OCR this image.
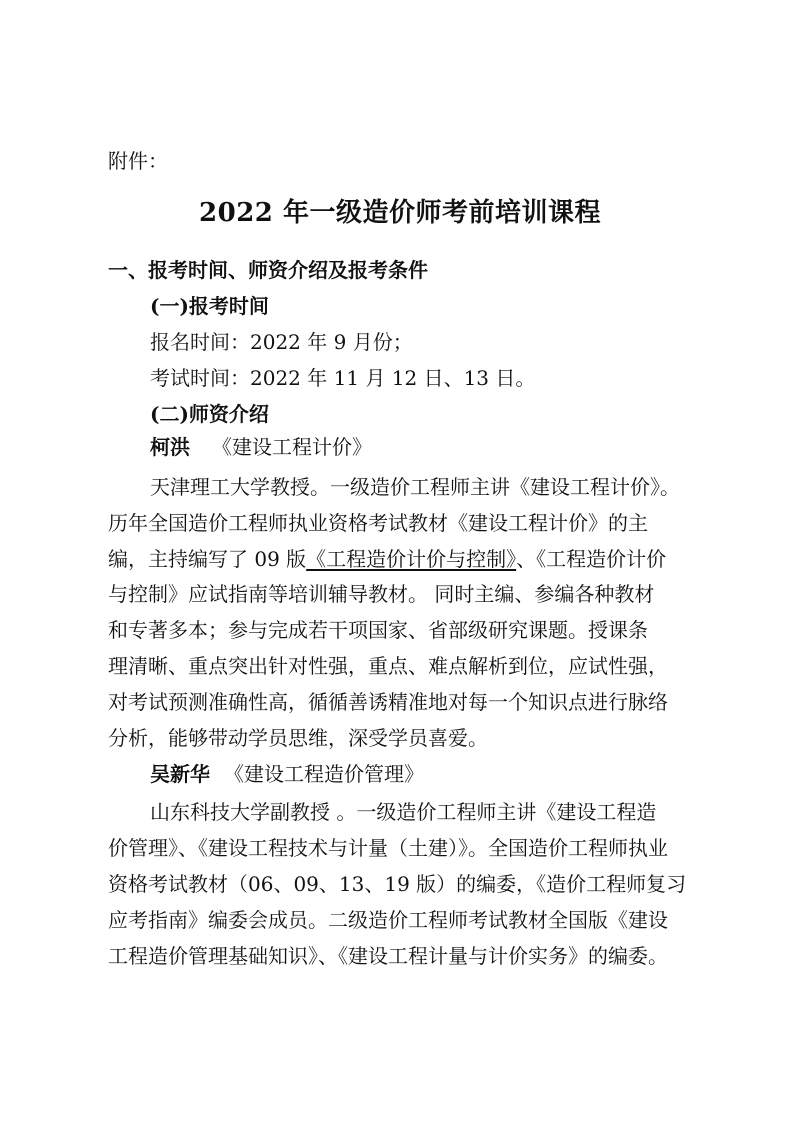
附件：
2022 年一级造价师考前培训课程
一、报考时间、师资介绍及报考条件
(一)报考时间
报名时间：2022 年 9 月份；
考试时间：2022 年 11 月 12 日、13 日。
(二)师资介绍
柯洪 《建设工程计价》
天津理工大学教授。一级造价工程师主讲《建设工程计价》。
历年全国造价工程师执业资格考试教材《建设工程计价》的主
编，主持编写了 09 版《工程造价计价与控制》、《工程造价计价
与控制》应试指南等培训辅导教材。 同时主编、参编各种教材
和专著多本；参与完成若干项国家、省部级研究课题。授课条
理清晰、重点突出针对性强，重点、难点解析到位，应试性强，
对考试预测准确性高，循循善诱精准地对每一个知识点进行脉络
分析，能够带动学员思维，深受学员喜爱。
吴新华 《建设工程造价管理》
山东科技大学副教授 。一级造价工程师主讲《建设工程造
价管理》、《建设工程技术与计量（土建）》。全国造价工程师执业
资格考试教材（06、09、13、19 版）的编委，《造价工程师复习
应考指南》编委会成员。二级造价工程师考试教材全国版《建设
工程造价管理基础知识》、《建设工程计量与计价实务》的编委。
